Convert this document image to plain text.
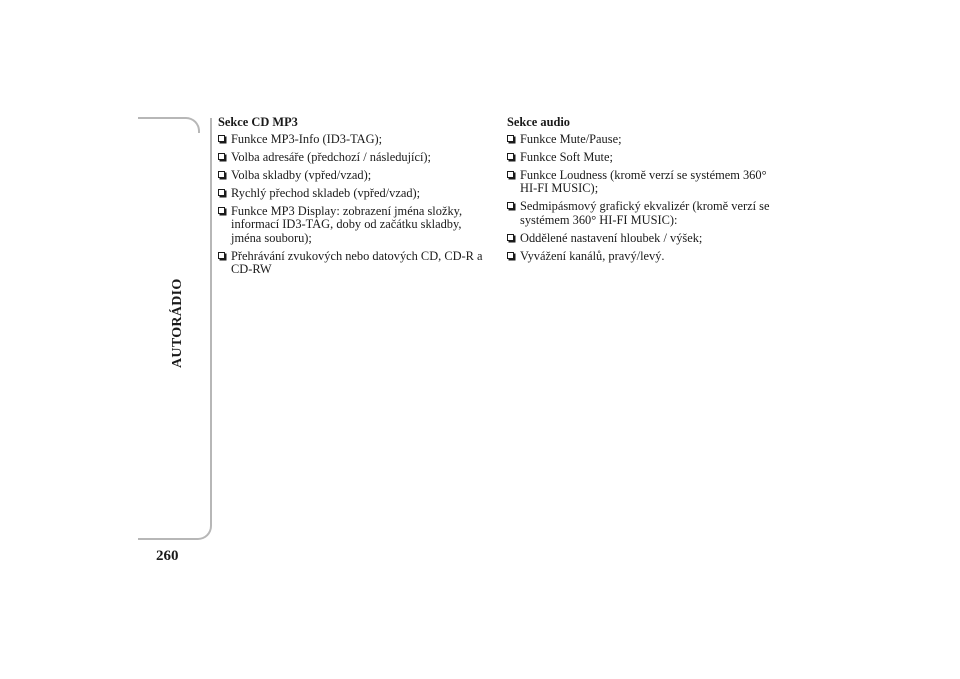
AUTORÁDIO
260
Sekce CD MP3
Funkce MP3-Info (ID3-TAG);
Volba adresáře (předchozí / následující);
Volba skladby (vpřed/vzad);
Rychlý přechod skladeb (vpřed/vzad);
Funkce MP3 Display: zobrazení jména složky, informací ID3-TAG, doby od začátku skladby, jména souboru);
Přehrávání zvukových nebo datových CD, CD-R a CD-RW
Sekce audio
Funkce Mute/Pause;
Funkce Soft Mute;
Funkce Loudness (kromě verzí se systémem 360° HI-FI MUSIC);
Sedmipásmový grafický ekvalizér (kromě verzí se systémem 360° HI-FI MUSIC):
Oddělené nastavení hloubek / výšek;
Vyvážení kanálů, pravý/levý.
